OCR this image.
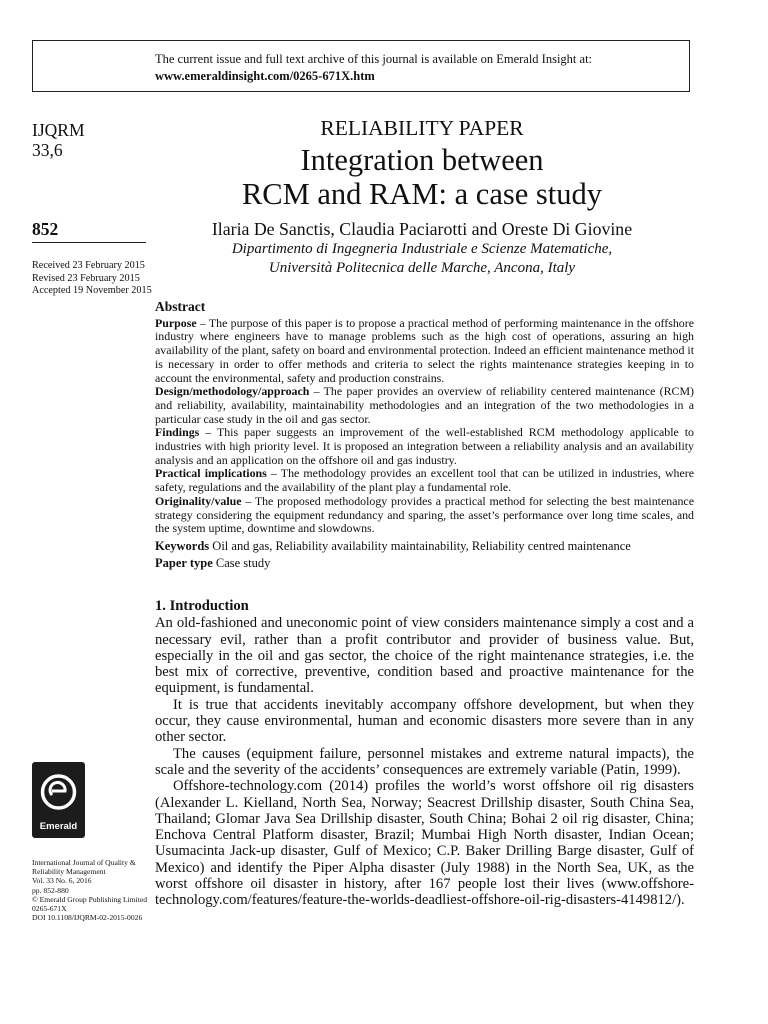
The current issue and full text archive of this journal is available on Emerald Insight at:
www.emeraldinsight.com/0265-671X.htm
IJQRM
33,6
852
Received 23 February 2015
Revised 23 February 2015
Accepted 19 November 2015
RELIABILITY PAPER
Integration between
RCM and RAM: a case study
Ilaria De Sanctis, Claudia Paciarotti and Oreste Di Giovine
Dipartimento di Ingegneria Industriale e Scienze Matematiche,
Università Politecnica delle Marche, Ancona, Italy
Abstract

Purpose – The purpose of this paper is to propose a practical method of performing maintenance in the offshore industry where engineers have to manage problems such as the high cost of operations, assuring an high availability of the plant, safety on board and environmental protection. Indeed an efficient maintenance method it is necessary in order to offer methods and criteria to select the rights maintenance strategies keeping in to account the environmental, safety and production constrains.

Design/methodology/approach – The paper provides an overview of reliability centered maintenance (RCM) and reliability, availability, maintainability methodologies and an integration of the two methodologies in a particular case study in the oil and gas sector.

Findings – This paper suggests an improvement of the well-established RCM methodology applicable to industries with high priority level. It is proposed an integration between a reliability analysis and an availability analysis and an application on the offshore oil and gas industry.

Practical implications – The methodology provides an excellent tool that can be utilized in industries, where safety, regulations and the availability of the plant play a fundamental role.

Originality/value – The proposed methodology provides a practical method for selecting the best maintenance strategy considering the equipment redundancy and sparing, the asset’s performance over long time scales, and the system uptime, downtime and slowdowns.

Keywords Oil and gas, Reliability availability maintainability, Reliability centred maintenance

Paper type Case study

1. Introduction

An old-fashioned and uneconomic point of view considers maintenance simply a cost and a necessary evil, rather than a profit contributor and provider of business value. But, especially in the oil and gas sector, the choice of the right maintenance strategies, i.e. the best mix of corrective, preventive, condition based and proactive maintenance for the equipment, is fundamental.

It is true that accidents inevitably accompany offshore development, but when they occur, they cause environmental, human and economic disasters more severe than in any other sector.

The causes (equipment failure, personnel mistakes and extreme natural impacts), the scale and the severity of the accidents’ consequences are extremely variable (Patin, 1999).

Offshore-technology.com (2014) profiles the world’s worst offshore oil rig disasters (Alexander L. Kielland, North Sea, Norway; Seacrest Drillship disaster, South China Sea, Thailand; Glomar Java Sea Drillship disaster, South China; Bohai 2 oil rig disaster, China; Enchova Central Platform disaster, Brazil; Mumbai High North disaster, Indian Ocean; Usumacinta Jack-up disaster, Gulf of Mexico; C.P. Baker Drilling Barge disaster, Gulf of Mexico) and identify the Piper Alpha disaster (July 1988) in the North Sea, UK, as the worst offshore oil disaster in history, after 167 people lost their lives (www.offshore-technology.com/features/feature-the-worlds-deadliest-offshore-oil-rig-disasters-4149812/).

Emerald
International Journal of Quality &
Reliability Management
Vol. 33 No. 6, 2016
pp. 852-880
© Emerald Group Publishing Limited
0265-671X
DOI 10.1108/IJQRM-02-2015-0026
